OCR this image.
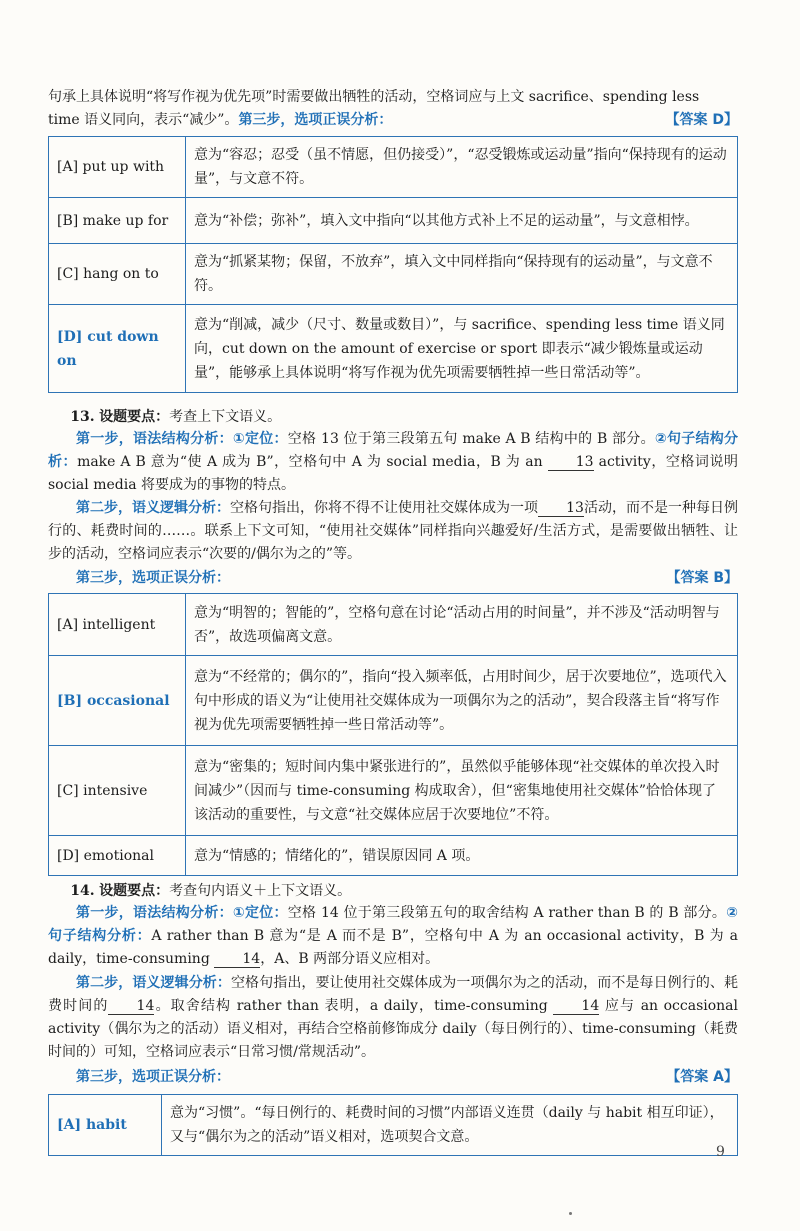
句承上具体说明“将写作视为优先项”时需要做出牺牲的活动，空格词应与上文 sacrifice、spending less
time 语义同向，表示“减少”。第三步，选项正误分析：	【答案 D】
[A] put up with	意为“容忍；忍受（虽不情愿，但仍接受）”，“忍受锻炼或运动量”指向“保持现有的运动量”，与文意不符。
[B] make up for	意为“补偿；弥补”，填入文中指向“以其他方式补上不足的运动量”，与文意相悖。
[C] hang on to	意为“抓紧某物；保留，不放弃”，填入文中同样指向“保持现有的运动量”，与文意不符。
[D] cut down on	意为“削减，减少（尺寸、数量或数目）”，与 sacrifice、spending less time 语义同向，cut down on the amount of exercise or sport 即表示“减少锻炼量或运动量”，能够承上具体说明“将写作视为优先项需要牺牲掉一些日常活动等”。
13. 设题要点：考查上下文语义。
第一步，语法结构分析：①定位：空格 13 位于第三段第五句 make A B 结构中的 B 部分。②句子结构分析：make A B 意为“使 A 成为 B”，空格句中 A 为 social media，B 为 an 13 activity，空格词说明 social media 将要成为的事物的特点。
第二步，语义逻辑分析：空格句指出，你将不得不让使用社交媒体成为一项 13活动，而不是一种每日例行的、耗费时间的……。联系上下文可知，“使用社交媒体”同样指向兴趣爱好/生活方式，是需要做出牺牲、让步的活动，空格词应表示“次要的/偶尔为之的”等。
第三步，选项正误分析：	【答案 B】
[A] intelligent	意为“明智的；智能的”，空格句意在讨论“活动占用的时间量”，并不涉及“活动明智与否”，故选项偏离文意。
[B] occasional	意为“不经常的；偶尔的”，指向“投入频率低，占用时间少，居于次要地位”，选项代入句中形成的语义为“让使用社交媒体成为一项偶尔为之的活动”，契合段落主旨“将写作视为优先项需要牺牲掉一些日常活动等”。
[C] intensive	意为“密集的；短时间内集中紧张进行的”，虽然似乎能够体现“社交媒体的单次投入时间减少”（因而与 time-consuming 构成取舍），但“密集地使用社交媒体”恰恰体现了该活动的重要性，与文意“社交媒体应居于次要地位”不符。
[D] emotional	意为“情感的；情绪化的”，错误原因同 A 项。
14. 设题要点：考查句内语义＋上下文语义。
第一步，语法结构分析：①定位：空格 14 位于第三段第五句的取舍结构 A rather than B 的 B 部分。②句子结构分析：A rather than B 意为“是 A 而不是 B”，空格句中 A 为 an occasional activity，B 为 a daily，time-consuming 14，A、B 两部分语义应相对。
第二步，语义逻辑分析：空格句指出，要让使用社交媒体成为一项偶尔为之的活动，而不是每日例行的、耗费时间的 14。取舍结构 rather than 表明，a daily，time-consuming 14 应与 an occasional activity（偶尔为之的活动）语义相对，再结合空格前修饰成分 daily（每日例行的）、time-consuming（耗费时间的）可知，空格词应表示“日常习惯/常规活动”。
第三步，选项正误分析：	【答案 A】
[A] habit	意为“习惯”。“每日例行的、耗费时间的习惯”内部语义连贯（daily 与 habit 相互印证），又与“偶尔为之的活动”语义相对，选项契合文意。
9
